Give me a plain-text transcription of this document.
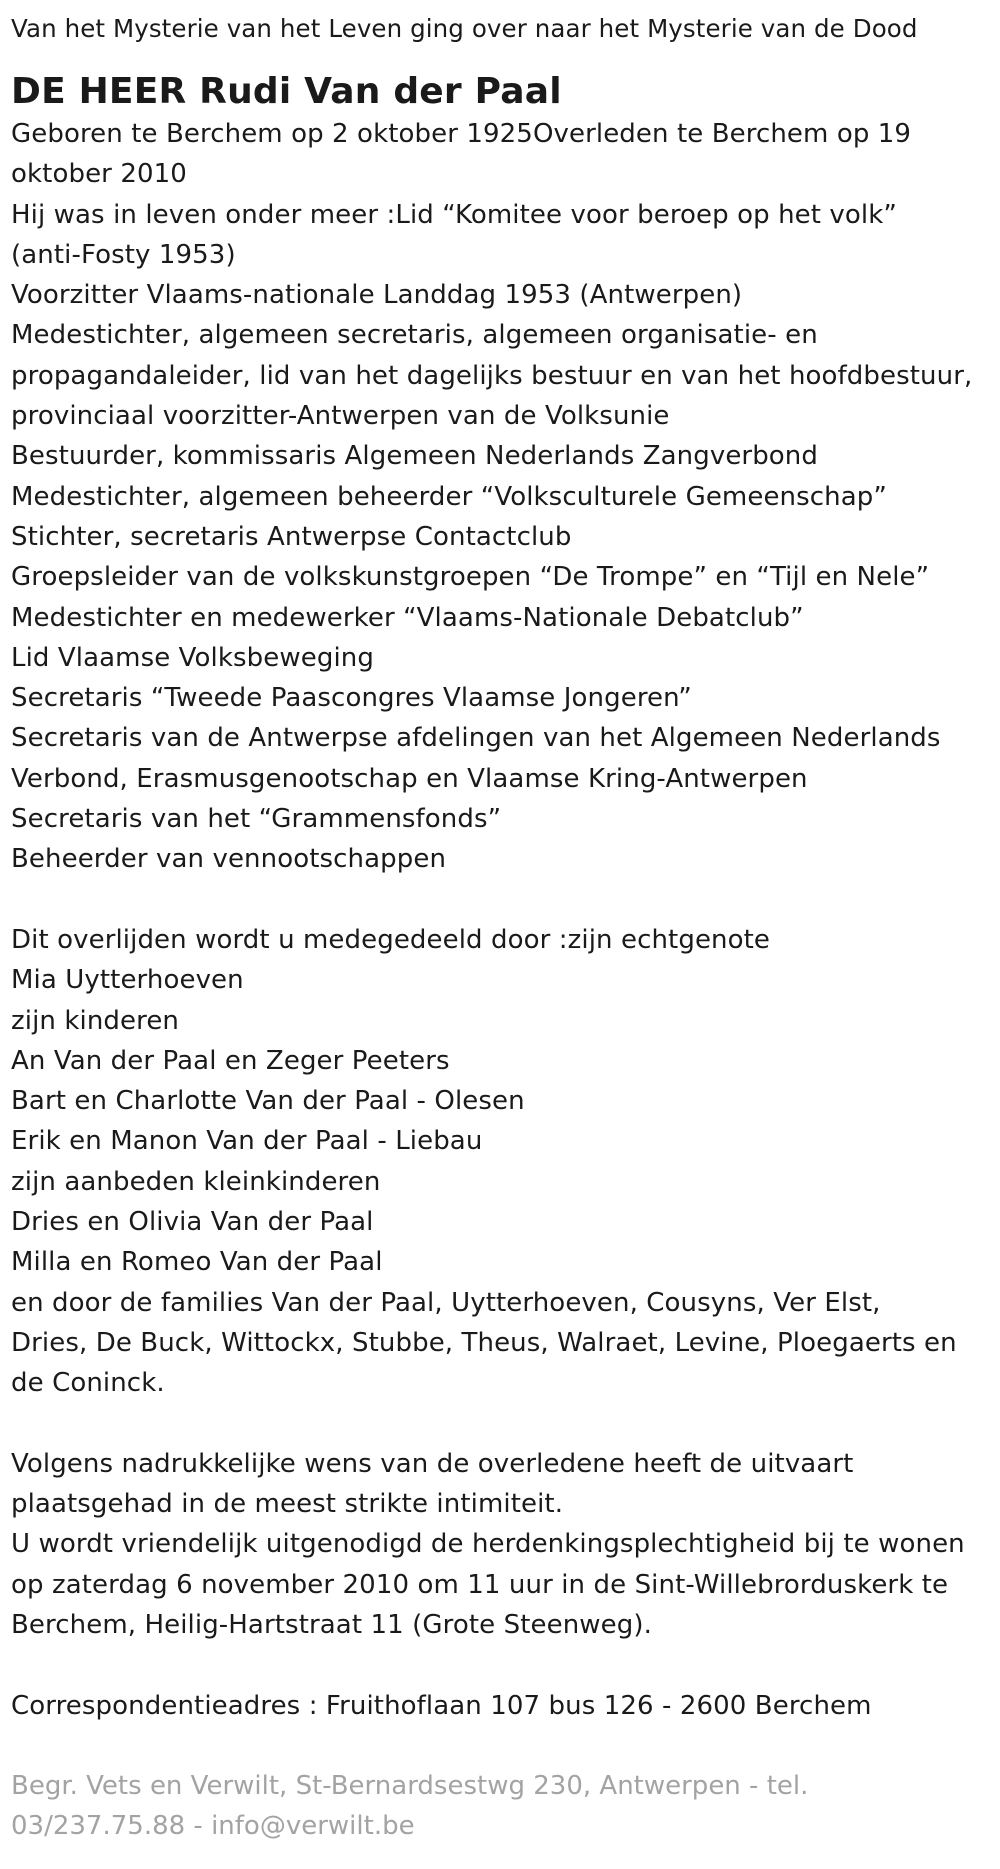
Van het Mysterie van het Leven ging over naar het Mysterie van de Dood
DE HEER Rudi Van der Paal
Geboren te Berchem op 2 oktober 1925Overleden te Berchem op 19
oktober 2010
Hij was in leven onder meer :Lid “Komitee voor beroep op het volk”
(anti-Fosty 1953)
Voorzitter Vlaams-nationale Landdag 1953 (Antwerpen)
Medestichter, algemeen secretaris, algemeen organisatie- en
propagandaleider, lid van het dagelijks bestuur en van het hoofdbestuur,
provinciaal voorzitter-Antwerpen van de Volksunie
Bestuurder, kommissaris Algemeen Nederlands Zangverbond
Medestichter, algemeen beheerder “Volksculturele Gemeenschap”
Stichter, secretaris Antwerpse Contactclub
Groepsleider van de volkskunstgroepen “De Trompe” en “Tijl en Nele”
Medestichter en medewerker “Vlaams-Nationale Debatclub”
Lid Vlaamse Volksbeweging
Secretaris “Tweede Paascongres Vlaamse Jongeren”
Secretaris van de Antwerpse afdelingen van het Algemeen Nederlands
Verbond, Erasmusgenootschap en Vlaamse Kring-Antwerpen
Secretaris van het “Grammensfonds”
Beheerder van vennootschappen
Dit overlijden wordt u medegedeeld door :zijn echtgenote
Mia Uytterhoeven
zijn kinderen
An Van der Paal en Zeger Peeters
Bart en Charlotte Van der Paal - Olesen
Erik en Manon Van der Paal - Liebau
zijn aanbeden kleinkinderen
Dries en Olivia Van der Paal
Milla en Romeo Van der Paal
en door de families Van der Paal, Uytterhoeven, Cousyns, Ver Elst,
Dries, De Buck, Wittockx, Stubbe, Theus, Walraet, Levine, Ploegaerts en
de Coninck.
Volgens nadrukkelijke wens van de overledene heeft de uitvaart
plaatsgehad in de meest strikte intimiteit.
U wordt vriendelijk uitgenodigd de herdenkingsplechtigheid bij te wonen
op zaterdag 6 november 2010 om 11 uur in de Sint-Willebrorduskerk te
Berchem, Heilig-Hartstraat 11 (Grote Steenweg).
Correspondentieadres : Fruithoflaan 107 bus 126 - 2600 Berchem
Begr. Vets en Verwilt, St-Bernardsestwg 230, Antwerpen - tel.
03/237.75.88 - info@verwilt.be
